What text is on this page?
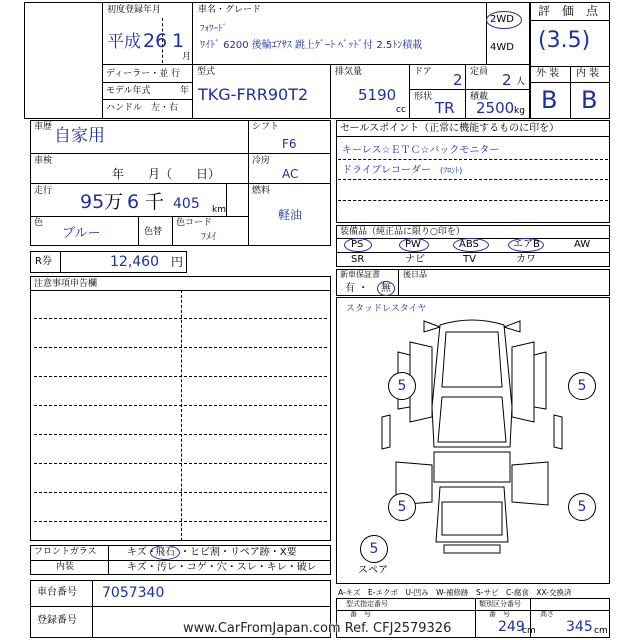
初度登録年月
平成 26 1
月
車名・グレード
ﾌｫﾜｰﾄﾞ
ﾜｲﾄﾞ 6200 後輪ｴｱｻｽ 跳上ｹﾞｰﾄ ﾍﾞｯﾄﾞ付 2.5ﾄﾝ積載
2WD
4WD
ディーラー・並 行
モデル年式	年
ハンドル　左・右
型式
TKG-FRR90T2
排気量
5190
cc
ドア 2 定員 2 人
形状
TR
積載
2500 kg
評　価　点
(3.5)
外 装 内 装
B B
車歴 自家用
車検
年　　月（　　日）
走行 95 万 6 千 405 km
色
ブルー	色替
色コード
ﾌﾒｲ
シフト
F6
冷房
AC
燃料
軽油
R券	12,460 円
セールスポイント（正常に機能するものに印を）
キーレス☆ＥＴＣ☆バックモニター
ドライブレコーダー (ﾌﾛﾝﾄ)
装備品（純正品に限り○印を）
PS	PW	ABS	エアB	AW
SR	ナビ	TV	カワ
新車保証書
有 ・ 無
後日品
注意事項申告欄
スタッドレスタイヤ
5	5
5	5
5
スペア
フロントガラス	キズ・
飛石 ・ヒビ割・リペア跡・X要
内装	キズ・汚レ・コゲ・穴・スレ・キレ・破レ
車台番号 7057340
登録番号
A-キズ　E-エクボ　U-凹み　W-補修跡　S-サビ　C-腐食　XX-交換済
型式指定番号
番　号
類別区分番号
番　号
249
cm
高さ
345 cm
www.CarFromJapan.com Ref. CFJ2579326
